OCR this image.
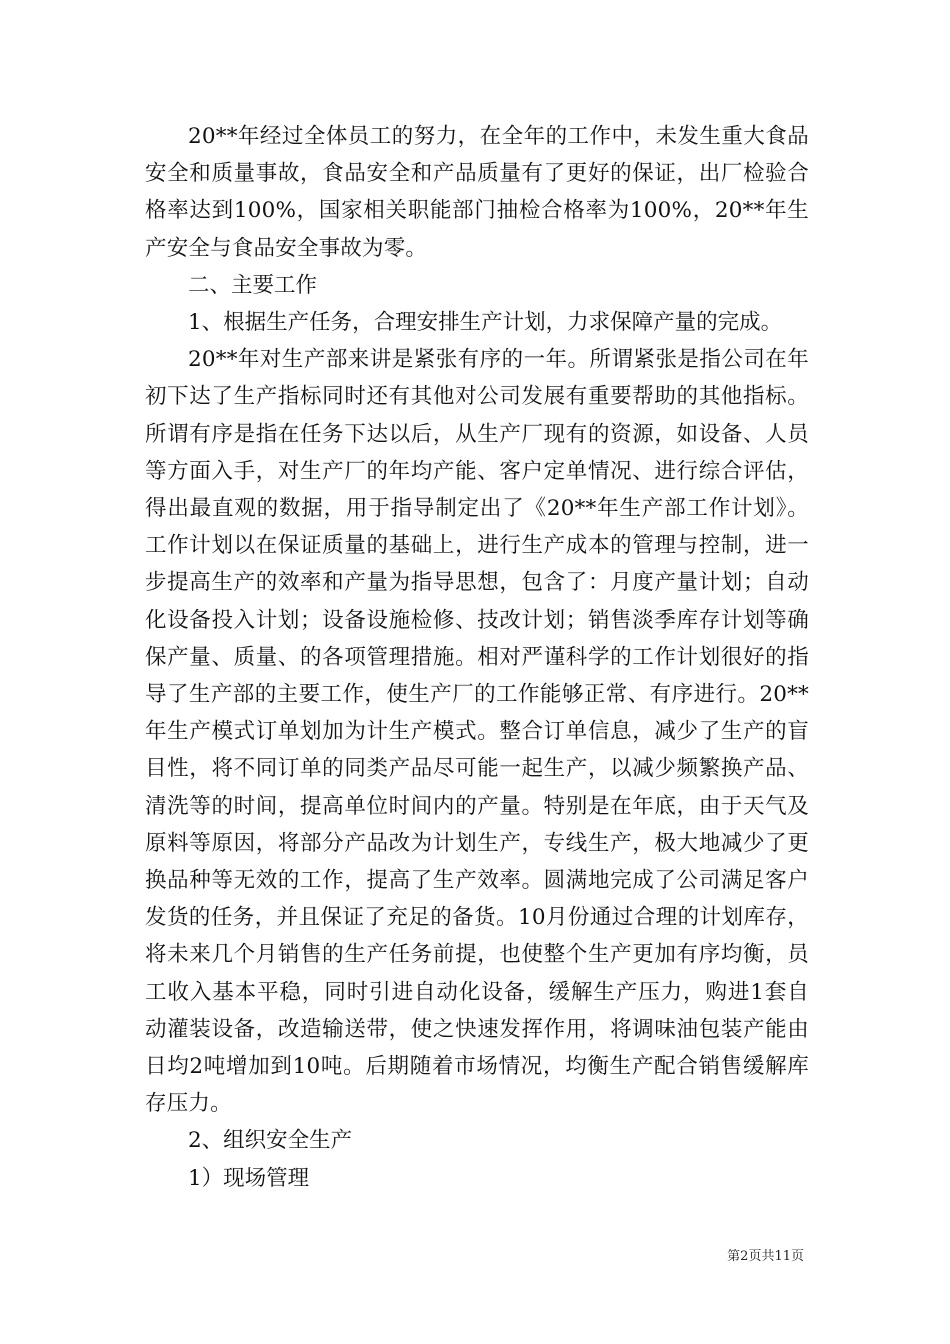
20**年经过全体员工的努力，在全年的工作中，未发生重大食品安全和质量事故，食品安全和产品质量有了更好的保证，出厂检验合格率达到100%，国家相关职能部门抽检合格率为100%，20**年生产安全与食品安全事故为零。

二、主要工作

1、根据生产任务，合理安排生产计划，力求保障产量的完成。

20**年对生产部来讲是紧张有序的一年。所谓紧张是指公司在年初下达了生产指标同时还有其他对公司发展有重要帮助的其他指标。所谓有序是指在任务下达以后，从生产厂现有的资源，如设备、人员等方面入手，对生产厂的年均产能、客户定单情况、进行综合评估，得出最直观的数据，用于指导制定出了《20**年生产部工作计划》。工作计划以在保证质量的基础上，进行生产成本的管理与控制，进一步提高生产的效率和产量为指导思想，包含了：月度产量计划；自动化设备投入计划；设备设施检修、技改计划；销售淡季库存计划等确保产量、质量、的各项管理措施。相对严谨科学的工作计划很好的指导了生产部的主要工作，使生产厂的工作能够正常、有序进行。20**年生产模式订单划加为计生产模式。整合订单信息，减少了生产的盲目性，将不同订单的同类产品尽可能一起生产，以减少频繁换产品、清洗等的时间，提高单位时间内的产量。特别是在年底，由于天气及原料等原因，将部分产品改为计划生产，专线生产，极大地减少了更换品种等无效的工作，提高了生产效率。圆满地完成了公司满足客户发货的任务，并且保证了充足的备货。10月份通过合理的计划库存，将未来几个月销售的生产任务前提，也使整个生产更加有序均衡，员工收入基本平稳，同时引进自动化设备，缓解生产压力，购进1套自动灌装设备，改造输送带，使之快速发挥作用，将调味油包装产能由日均2吨增加到10吨。后期随着市场情况，均衡生产配合销售缓解库存压力。

2、组织安全生产

1）现场管理

第2页共11页
